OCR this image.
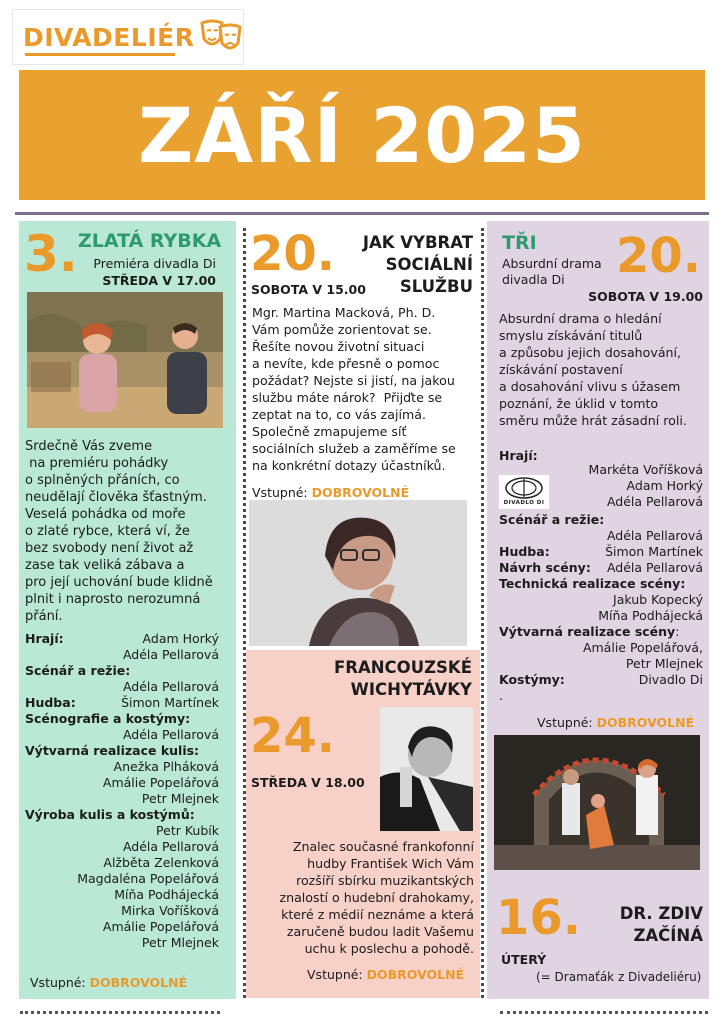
DIVADELIÉR
ZÁŘÍ 2025
3. ZLATÁ RYBKA
Premiéra divadla Di
STŘEDA V 17.00
Srdečně Vás zveme
na premiéru pohádky
o splněných přáních, co
neudělají člověka šťastným.
Veselá pohádka od moře
o zlaté rybce, která ví, že
bez svobody není život až
zase tak veliká zábava a
pro její uchování bude klidně
plnit i naprosto nerozumná
přání.
Hrají:	Adam Horký
Adéla Pellarová
Scénář a režie:
Adéla Pellarová
Hudba:	Šimon Martínek
Scénografie a kostýmy:
Adéla Pellarová
Výtvarná realizace kulis:
Anežka Plháková
Amálie Popelářová
Petr Mlejnek
Výroba kulis a kostýmů:
Petr Kubík
Adéla Pellarová
Alžběta Zelenková
Magdaléna Popelářová
Míňa Podhájecká
Mirka Voříšková
Amálie Popelářová
Petr Mlejnek
Vstupné: DOBROVOLNÉ
20.	JAK VYBRAT
SOCIÁLNÍ
SLUŽBU
SOBOTA V 15.00
Mgr. Martina Macková, Ph. D.
Vám pomůže zorientovat se.
Řešíte novou životní situaci
a nevíte, kde přesně o pomoc
požádat? Nejste si jistí, na jakou
službu máte nárok?  Přijďte se
zeptat na to, co vás zajímá.
Společně zmapujeme síť
sociálních služeb a zaměříme se
na konkrétní dotazy účastníků.
Vstupné: DOBROVOLNÉ
FRANCOUZSKÉ
WICHYTÁVKY
24.
STŘEDA V 18.00
Znalec současné frankofonní
hudby František Wich Vám
rozšíří sbírku muzikantských
znalostí o hudební drahokamy,
které z médií neznáme a která
zaručeně budou ladit Vašemu
uchu k poslechu a pohodě.
Vstupné: DOBROVOLNÉ
TŘI
Absurdní drama
divadla Di	20.
SOBOTA V 19.00
Absurdní drama o hledání
smyslu získávání titulů
a způsobu jejich dosahování,
získávání postavení
a dosahování vlivu s úžasem
poznání, že úklid v tomto
směru může hrát zásadní roli.
Hrají:
DIVADLO DI
Markéta Voříšková
Adam Horký
Adéla Pellarová
Scénář a režie:
Adéla Pellarová
Hudba:	Šimon Martínek
Návrh scény: Adéla Pellarová
Technická realizace scény:
Jakub Kopecký
Míňa Podhájecká
Výtvarná realizace scény:
Amálie Popelářová,
Petr Mlejnek
Kostýmy:	Divadlo Di
.
Vstupné: DOBROVOLNÉ
16.	DR. ZDIV
ZAČÍNÁ
ÚTERÝ
(= Dramaťák z Divadeliéru)
